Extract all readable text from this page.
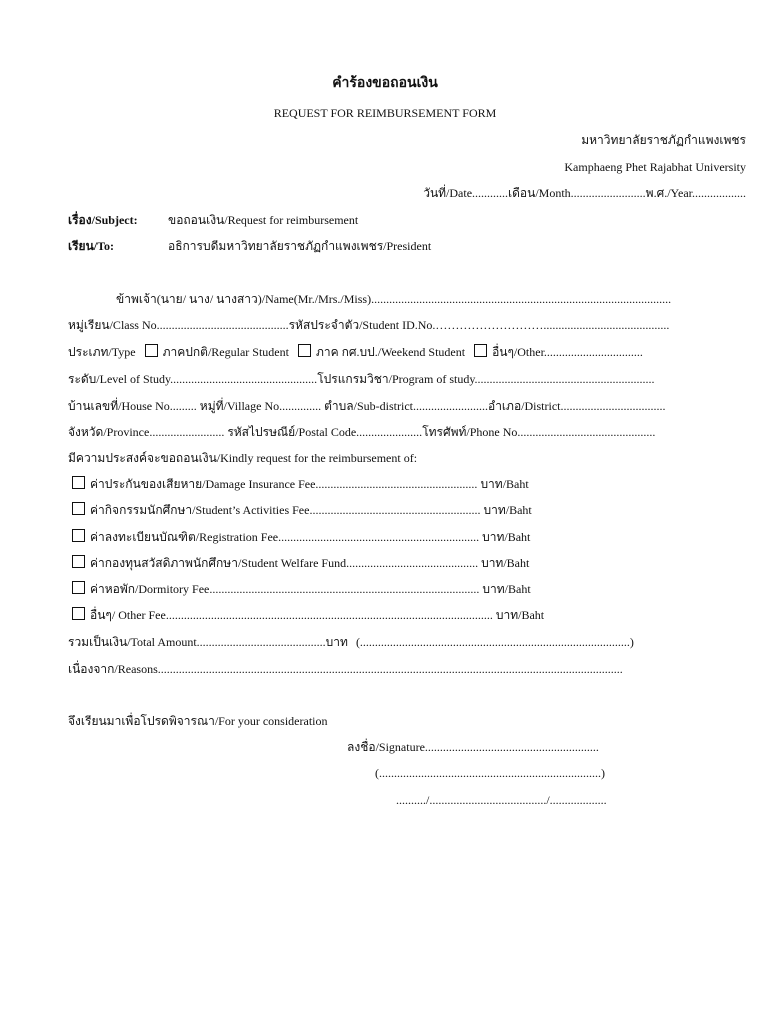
คำร้องขอถอนเงิน
REQUEST FOR REIMBURSEMENT FORM
มหาวิทยาลัยราชภัฏกำแพงเพชร
Kamphaeng Phet Rajabhat University
วันที่/Date............เดือน/Month.........................พ.ศ./Year..................
เรื่อง/Subject:	ขอถอนเงิน/Request for reimbursement
เรียน/To:	อธิการบดีมหาวิทยาลัยราชภัฏกำแพงเพชร/President
ข้าพเจ้า(นาย/ นาง/ นางสาว)/Name(Mr./Mrs./Miss)....................................................................................................
หมู่เรียน/Class No............................................รหัสประจำตัว/Student ID.No.………………………..........................................
ประเภท/Type ภาคปกติ/Regular Student ภาค กศ.บป./Weekend Student อื่นๆ/Other.................................
ระดับ/Level of Study.................................................โปรแกรมวิชา/Program of study............................................................
บ้านเลขที่/House No......... หมู่ที่/Village No.............. ตำบล/Sub-district.........................อำเภอ/District...................................
จังหวัด/Province......................... รหัสไปรษณีย์/Postal Code......................โทรศัพท์/Phone No..............................................
มีความประสงค์จะขอถอนเงิน/Kindly request for the reimbursement of:
ค่าประกันของเสียหาย/Damage Insurance Fee...................................................... บาท/Baht
ค่ากิจกรรมนักศึกษา/Student’s Activities Fee......................................................... บาท/Baht
ค่าลงทะเบียนบัณฑิต/Registration Fee................................................................... บาท/Baht
ค่ากองทุนสวัสดิภาพนักศึกษา/Student Welfare Fund............................................ บาท/Baht
ค่าหอพัก/Dormitory Fee.......................................................................................... บาท/Baht
อื่นๆ/ Other Fee............................................................................................................. บาท/Baht
รวมเป็นเงิน/Total Amount...........................................บาท (..........................................................................................)
เนื่องจาก/Reasons...........................................................................................................................................................
จึงเรียนมาเพื่อโปรดพิจารณา/For your consideration
ลงชื่อ/Signature..........................................................
(..........................................................................)
........../......................................./...................
